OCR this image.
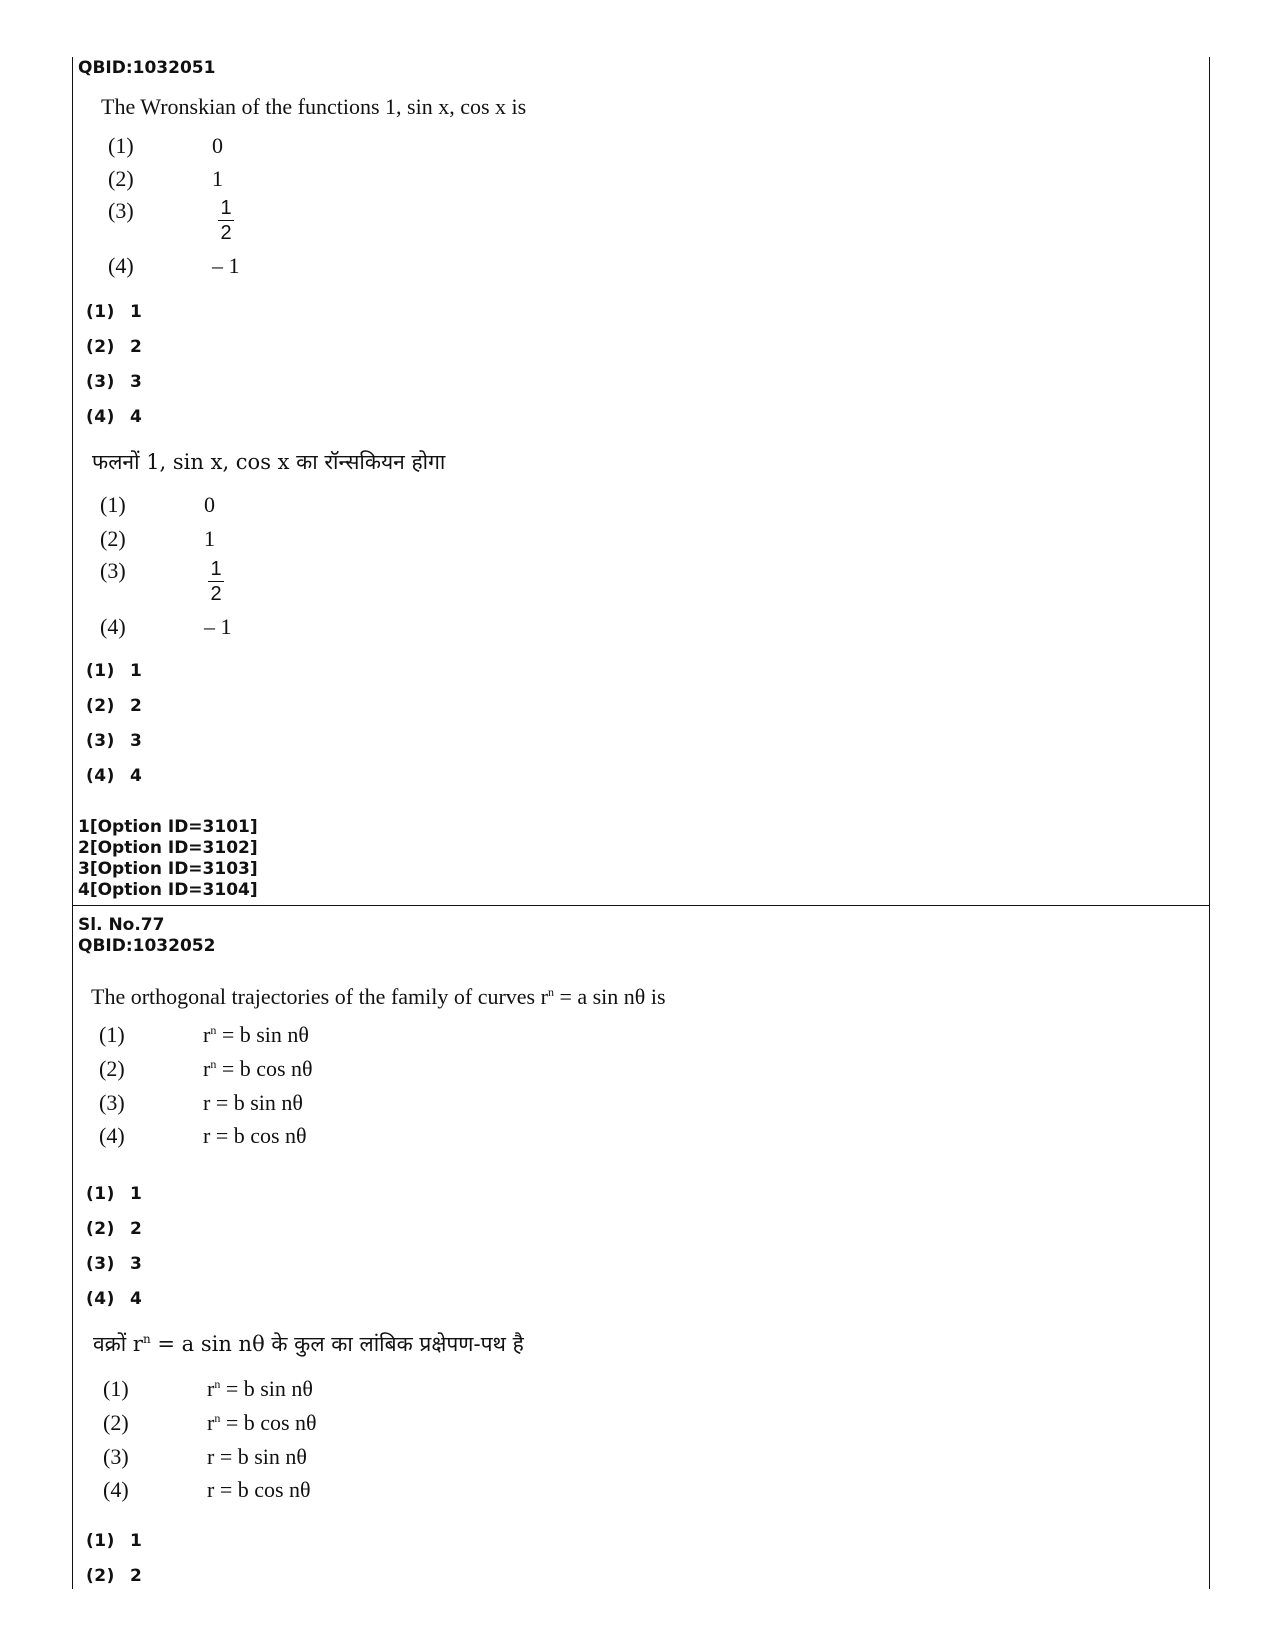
QBID:1032051
The Wronskian of the functions 1, sin x, cos x is
(1)	0
(2)	1
(3)	1
2
(4)	– 1
(1) 1
(2) 2
(3) 3
(4) 4
फलनों 1, sin x, cos x का रॉन्सकियन होगा
(1)	0
(2)	1
(3)	1
2
(4)	– 1
(1) 1
(2) 2
(3) 3
(4) 4
1[Option ID=3101]
2[Option ID=3102]
3[Option ID=3103]
4[Option ID=3104]
Sl. No.77
QBID:1032052
The orthogonal trajectories of the family of curves $r^n = a$ sin nθ is
(1)	$r^n = b$ sin nθ
(2)	$r^n = b$ cos nθ
(3)	r = b sin nθ
(4)	r = b cos nθ
(1) 1
(2) 2
(3) 3
(4) 4
वक्रों $r^n = a$ sin nθ के कुल का लांबिक प्रक्षेपण-पथ है
(1)	$r^n = b$ sin nθ
(2)	$r^n = b$ cos nθ
(3)	r = b sin nθ
(4)	r = b cos nθ
(1) 1
(2) 2
